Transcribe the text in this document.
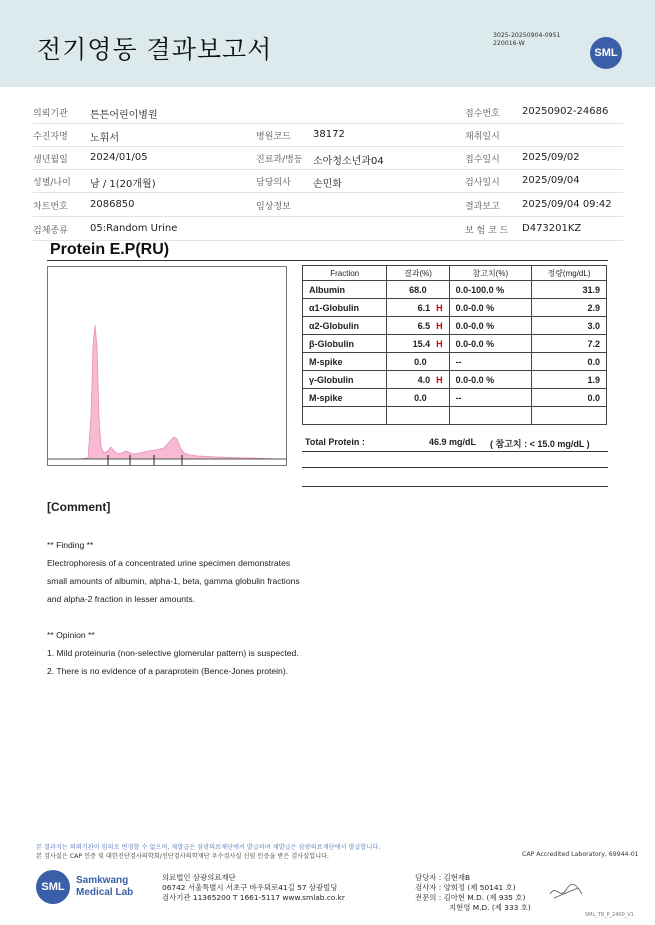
전기영동 결과보고서	3025-20250904-0951
220016-W
SML
의뢰기관 튼튼어린이병원	접수번호 20250902-24686
수진자명 노휘서	병원코드 38172	채취일시
생년월일 2024/01/05	진료과/병동 소아청소년과04	접수일시 2025/09/02
성별/나이 남 / 1(20개월)	담당의사 손민화	검사일시 2025/09/04
차트번호 2086850	임상정보	결과보고 2025/09/04 09:42
검체종류 05:Random Urine	보 험 코 드 D473201KZ
Protein E.P(RU)
Fraction	결과(%)	참고치(%)	정량(mg/dL)
Albumin	68.0	0.0-100.0 %	31.9
α1-Globulin	6.1 H	0.0-0.0 %	2.9
α2-Globulin	6.5 H	0.0-0.0 %	3.0
β-Globulin	15.4 H	0.0-0.0 %	7.2
M-spike	0.0	--	0.0
γ-Globulin	4.0 H	0.0-0.0 %	1.9
M-spike	0.0	--	0.0

Total Protein :	46.9 mg/dL ( 참고치 : < 15.0 mg/dL )
[Comment]
** Finding **
Electrophoresis of a concentrated urine specimen demonstrates
small amounts of albumin, alpha-1, beta, gamma globulin fractions
and alpha-2 fraction in lesser amounts.
** Opinion **
1. Mild proteinuria (non-selective glomerular pattern) is suspected.
2. There is no evidence of a paraprotein (Bence-Jones protein).
본 결과지는 의뢰기관이 임의로 변경할 수 없으며, 재발급은 삼광의료재단에서 발급하며 재발급은 삼광의료재단에서 발급합니다.
본 검사실은 CAP 인증 및 대한진단검사의학회/진단검사의학재단 우수검사실 신임 인증을 받은 검사실입니다.	CAP Accredited Laboratory, 69944-01
SML
Samkwang
Medical Lab
의료법인 삼광의료재단
06742 서울특별시 서초구 바우뫼로41길 57 삼광빌딩
검사기관 11365200 T 1661-5117 www.smlab.co.kr
담당자 : 김현재B
검사자 : 양희정 (제 50141 호)
전문의 : 김아현 M.D. (제 935 호)
지현영 M.D. (제 333 호)
SML_T8_P_2400_V1
